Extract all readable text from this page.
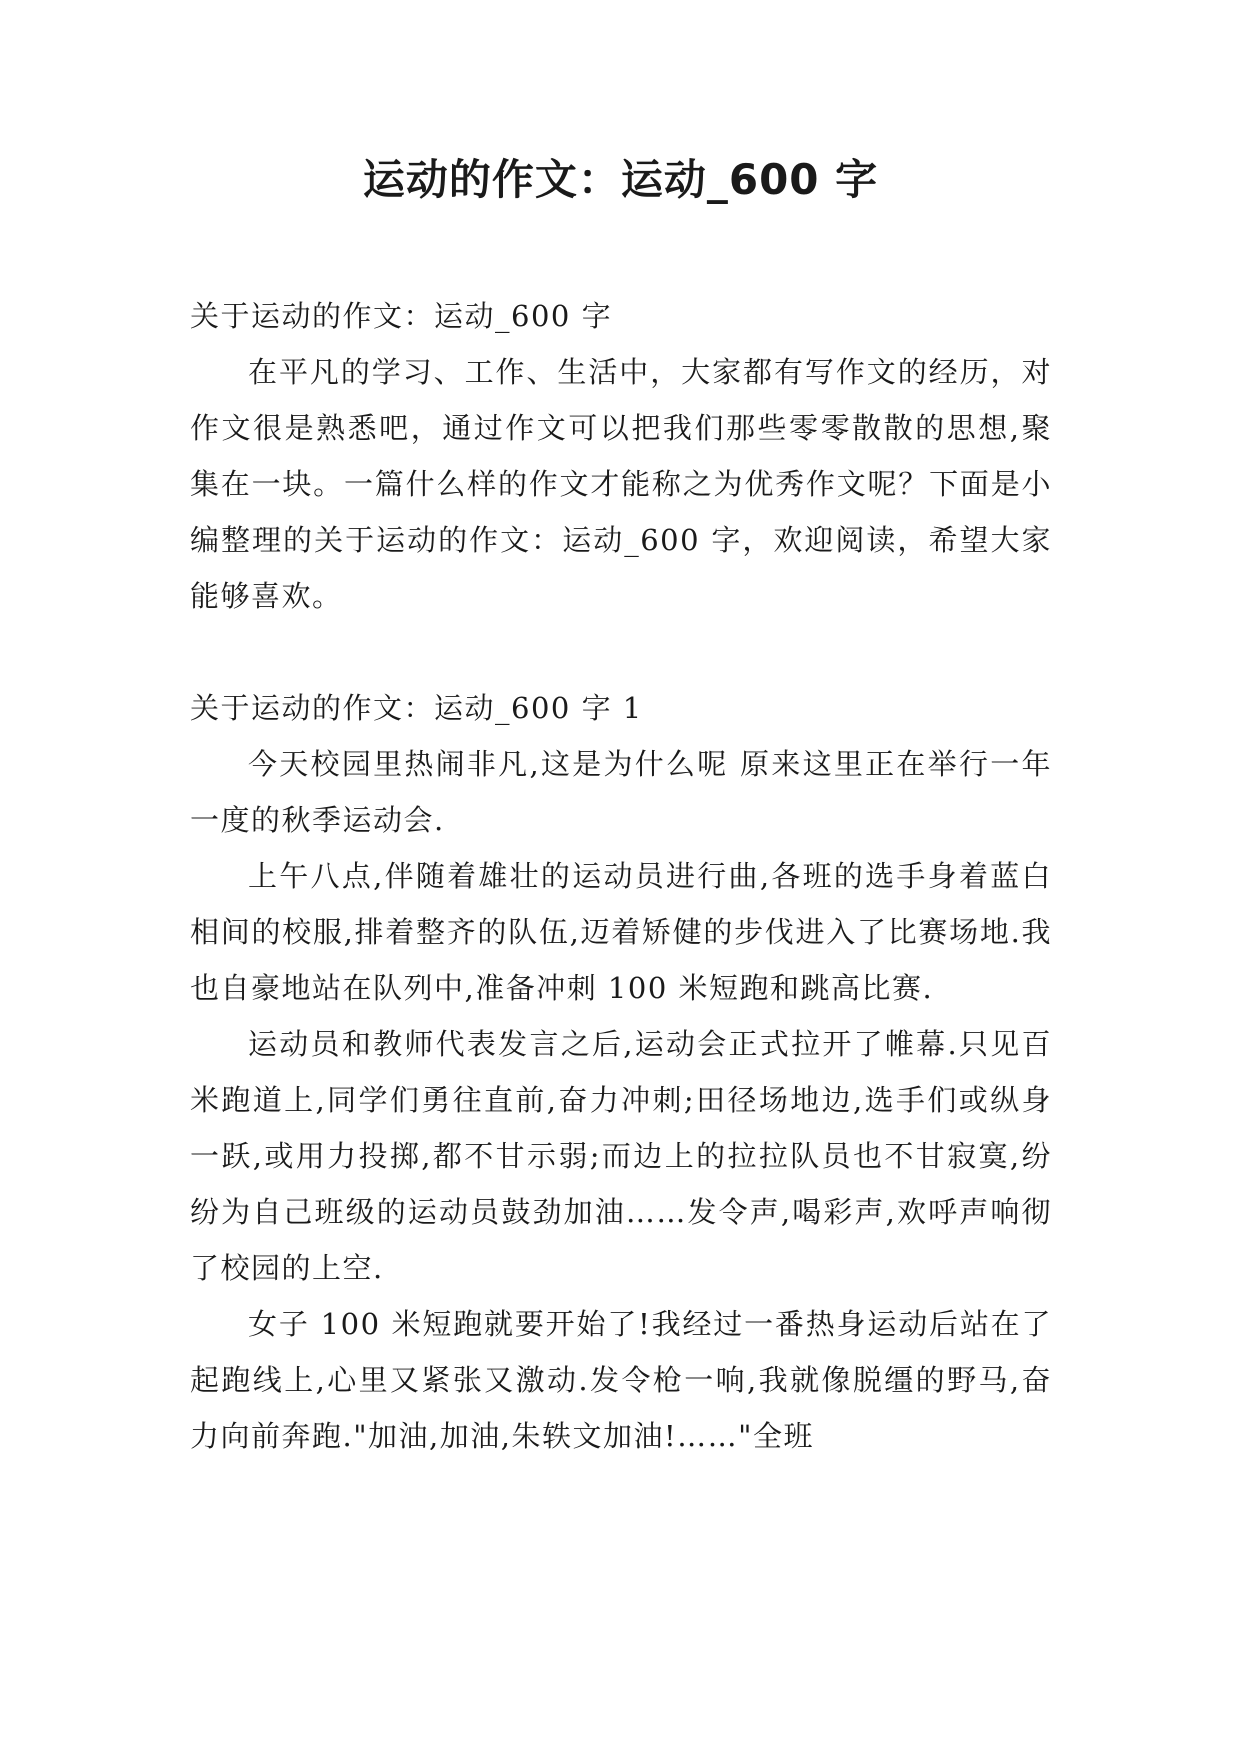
运动的作文：运动_600 字

关于运动的作文：运动_600 字

在平凡的学习、工作、生活中，大家都有写作文的经历，对作文很是熟悉吧，通过作文可以把我们那些零零散散的思想,聚集在一块。一篇什么样的作文才能称之为优秀作文呢？下面是小编整理的关于运动的作文：运动_600 字，欢迎阅读，希望大家能够喜欢。

关于运动的作文：运动_600 字 1

今天校园里热闹非凡,这是为什么呢 原来这里正在举行一年一度的秋季运动会.

上午八点,伴随着雄壮的运动员进行曲,各班的选手身着蓝白相间的校服,排着整齐的队伍,迈着矫健的步伐进入了比赛场地.我也自豪地站在队列中,准备冲刺 100 米短跑和跳高比赛.

运动员和教师代表发言之后,运动会正式拉开了帷幕.只见百米跑道上,同学们勇往直前,奋力冲刺;田径场地边,选手们或纵身一跃,或用力投掷,都不甘示弱;而边上的拉拉队员也不甘寂寞,纷纷为自己班级的运动员鼓劲加油……发令声,喝彩声,欢呼声响彻了校园的上空.

女子 100 米短跑就要开始了!我经过一番热身运动后站在了起跑线上,心里又紧张又激动.发令枪一响,我就像脱缰的野马,奋力向前奔跑."加油,加油,朱轶文加油!……"全班
